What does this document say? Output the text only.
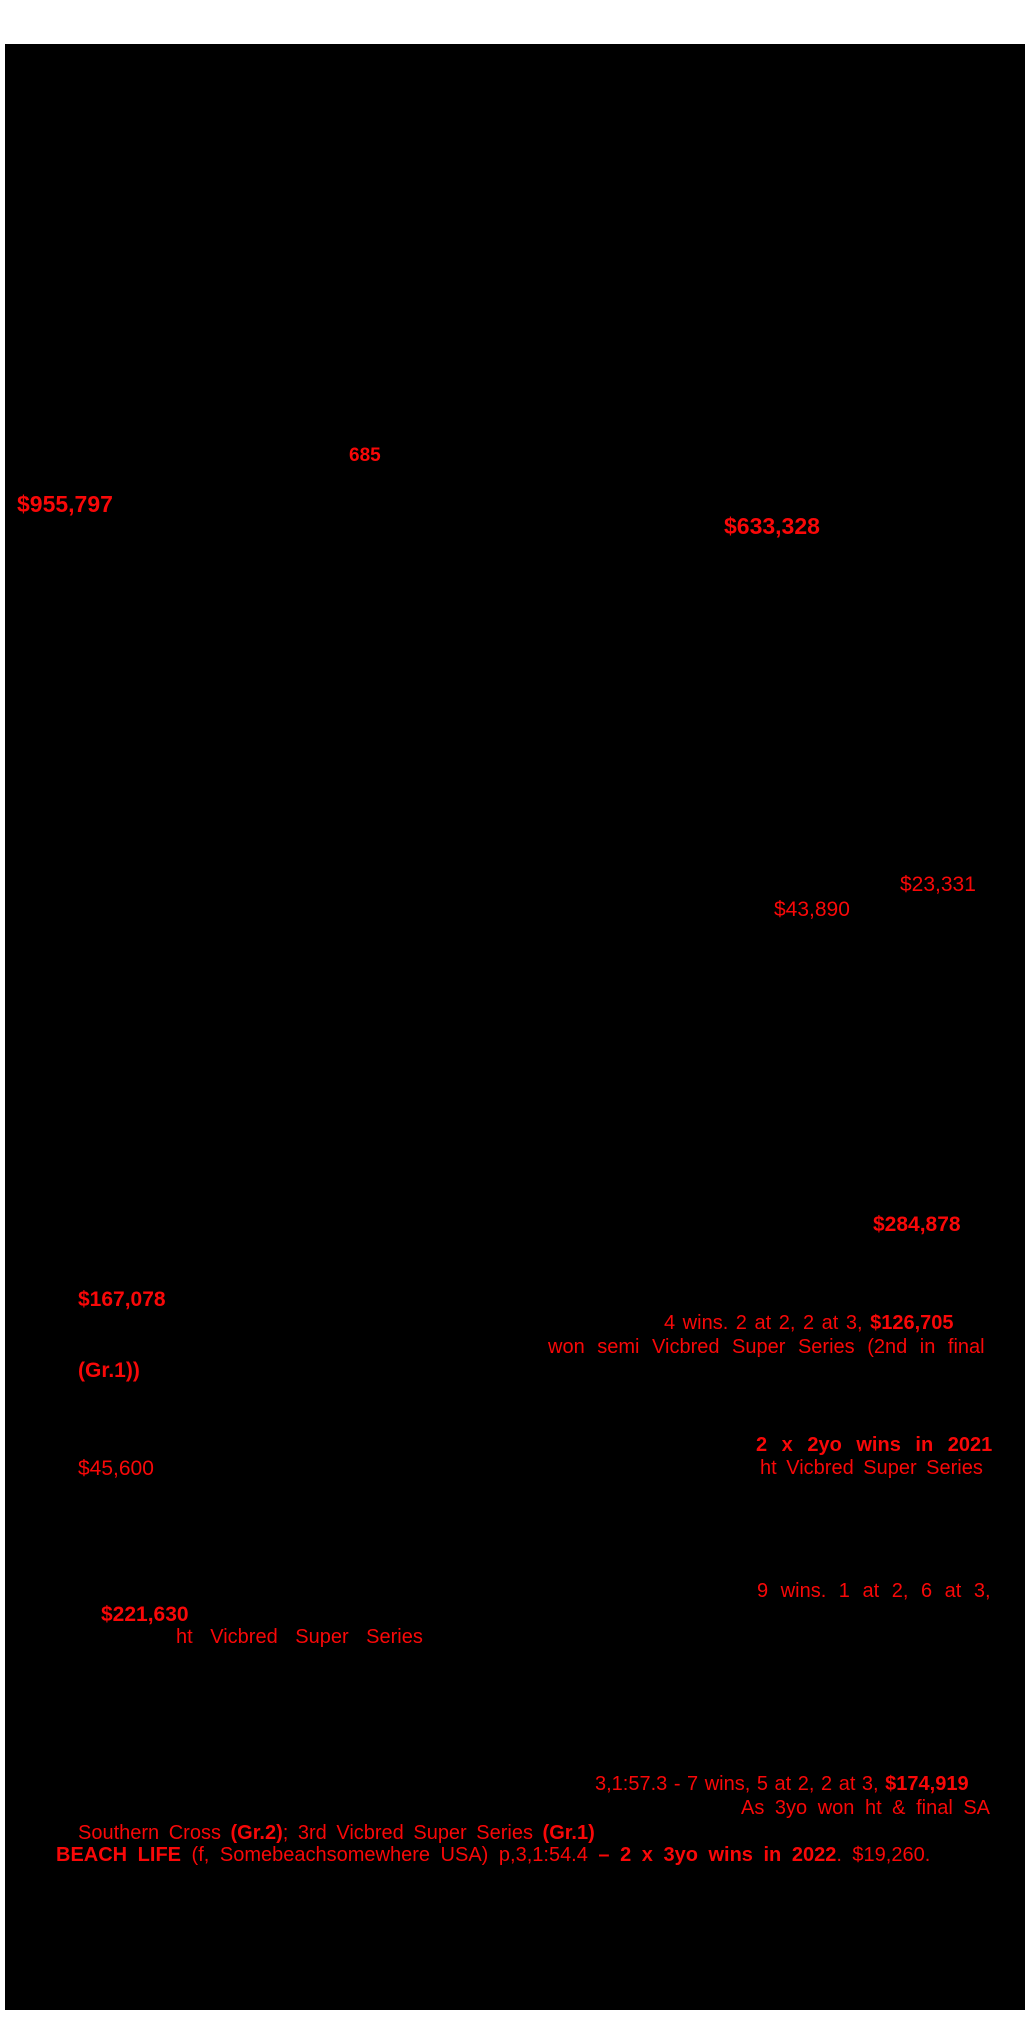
685
$955,797
$633,328
$23,331
$43,890
$284,878
$167,078
4 wins. 2 at 2, 2 at 3, $126,705
won semi Vicbred Super Series (2nd in final
(Gr.1))
2 x 2yo wins in 2021
ht Vicbred Super Series
$45,600
9 wins. 1 at 2, 6 at 3,
$221,630
ht Vicbred Super Series
3,1:57.3 - 7 wins, 5 at 2, 2 at 3, $174,919
As 3yo won ht & final SA
Southern Cross (Gr.2); 3rd Vicbred Super Series (Gr.1)
BEACH LIFE (f, Somebeachsomewhere USA) p,3,1:54.4 – 2 x 3yo wins in 2022. $19,260.
